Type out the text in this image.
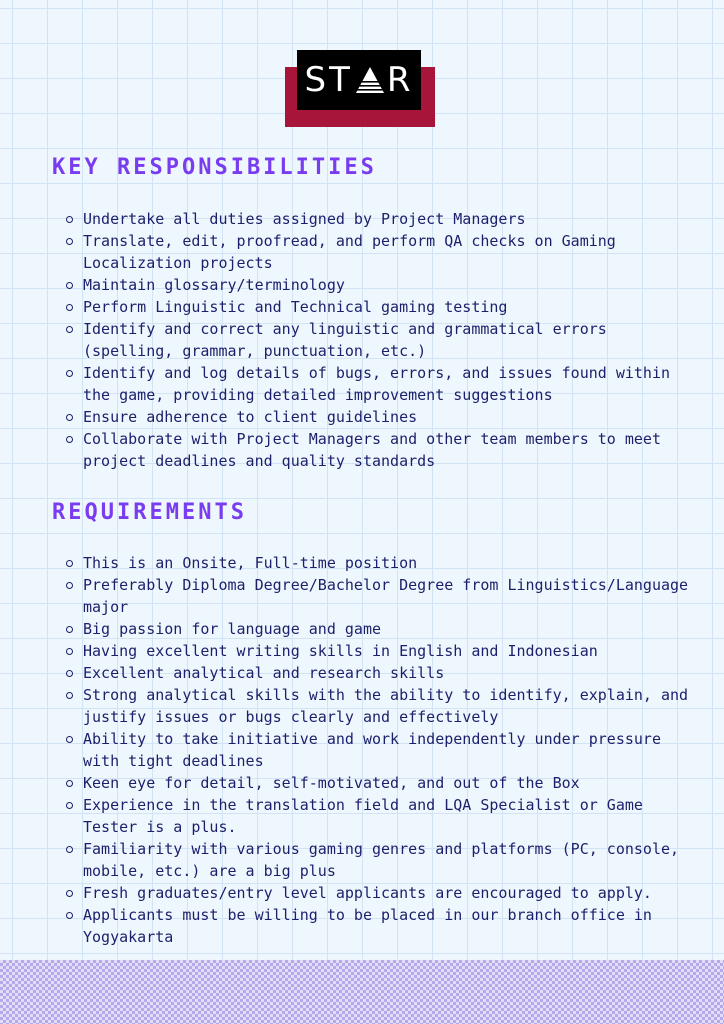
ST R
KEY RESPONSIBILITIES
Undertake all duties assigned by Project Managers
Translate, edit, proofread, and perform QA checks on Gaming Localization projects
Maintain glossary/terminology
Perform Linguistic and Technical gaming testing
Identify and correct any linguistic and grammatical errors (spelling, grammar, punctuation, etc.)
Identify and log details of bugs, errors, and issues found within the game, providing detailed improvement suggestions
Ensure adherence to client guidelines
Collaborate with Project Managers and other team members to meet project deadlines and quality standards
REQUIREMENTS
This is an Onsite, Full-time position
Preferably Diploma Degree/Bachelor Degree from Linguistics/Language major
Big passion for language and game
Having excellent writing skills in English and Indonesian
Excellent analytical and research skills
Strong analytical skills with the ability to identify, explain, and justify issues or bugs clearly and effectively
Ability to take initiative and work independently under pressure with tight deadlines
Keen eye for detail, self-motivated, and out of the Box
Experience in the translation field and LQA Specialist or Game Tester is a plus.
Familiarity with various gaming genres and platforms (PC, console, mobile, etc.) are a big plus
Fresh graduates/entry level applicants are encouraged to apply.
Applicants must be willing to be placed in our branch office in Yogyakarta
